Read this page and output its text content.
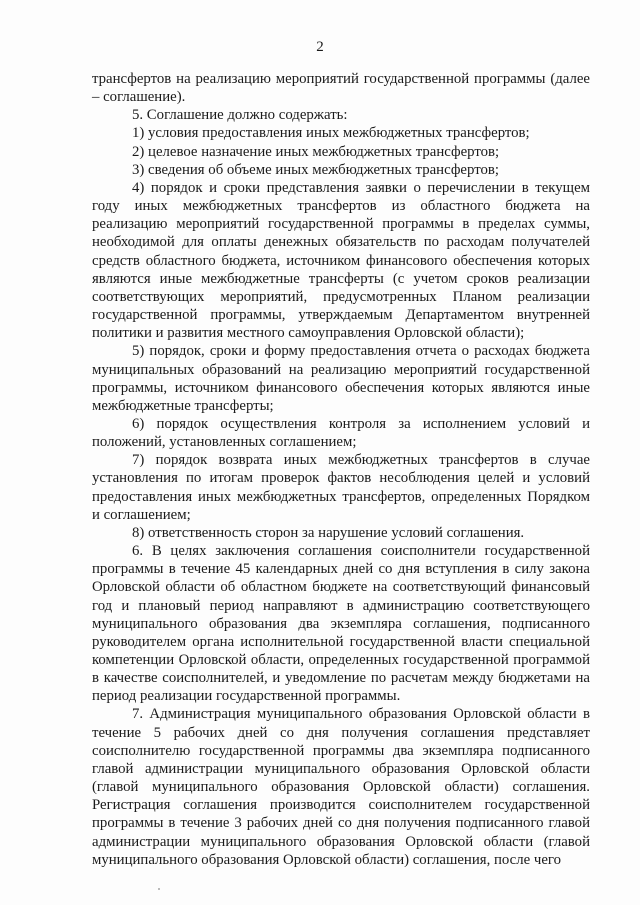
2

трансфертов на реализацию мероприятий государственной программы (далее – соглашение).

5. Соглашение должно содержать:

1) условия предоставления иных межбюджетных трансфертов;

2) целевое назначение иных межбюджетных трансфертов;

3) сведения об объеме иных межбюджетных трансфертов;

4) порядок и сроки представления заявки о перечислении в текущем году иных межбюджетных трансфертов из областного бюджета на реализацию мероприятий государственной программы в пределах суммы, необходимой для оплаты денежных обязательств по расходам получателей средств областного бюджета, источником финансового обеспечения которых являются иные межбюджетные трансферты (с учетом сроков реализации соответствующих мероприятий, предусмотренных Планом реализации государственной программы, утверждаемым Департаментом внутренней политики и развития местного самоуправления Орловской области);

5) порядок, сроки и форму предоставления отчета о расходах бюджета муниципальных образований на реализацию мероприятий государственной программы, источником финансового обеспечения которых являются иные межбюджетные трансферты;

6) порядок осуществления контроля за исполнением условий и положений, установленных соглашением;

7) порядок возврата иных межбюджетных трансфертов в случае установления по итогам проверок фактов несоблюдения целей и условий предоставления иных межбюджетных трансфертов, определенных Порядком и соглашением;

8) ответственность сторон за нарушение условий соглашения.

6. В целях заключения соглашения соисполнители государственной программы в течение 45 календарных дней со дня вступления в силу закона Орловской области об областном бюджете на соответствующий финансовый год и плановый период направляют в администрацию соответствующего муниципального образования два экземпляра соглашения, подписанного руководителем органа исполнительной государственной власти специальной компетенции Орловской области, определенных государственной программой в качестве соисполнителей, и уведомление по расчетам между бюджетами на период реализации государственной программы.

7. Администрация муниципального образования Орловской области в течение 5 рабочих дней со дня получения соглашения представляет соисполнителю государственной программы два экземпляра подписанного главой администрации муниципального образования Орловской области (главой муниципального образования Орловской области) соглашения. Регистрация соглашения производится соисполнителем государственной программы в течение 3 рабочих дней со дня получения подписанного главой администрации муниципального образования Орловской области (главой муниципального образования Орловской области) соглашения, после чего
